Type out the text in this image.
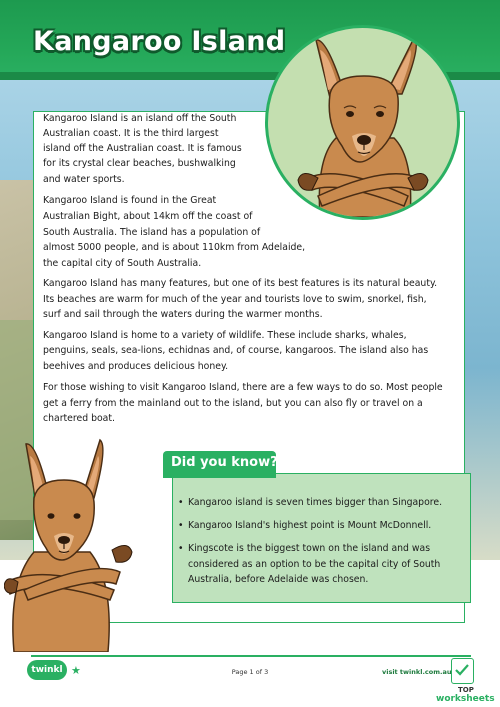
Kangaroo Island

Kangaroo Island is an island off the South

Australian coast. It is the third largest

island off the Australian coast. It is famous

for its crystal clear beaches, bushwalking

and water sports.

Kangaroo Island is found in the Great

Australian Bight, about 14km off the coast of

South Australia. The island has a population of

almost 5000 people, and is about 110km from Adelaide,

the capital city of South Australia.

Kangaroo Island has many features, but one of its best features is its natural beauty.

Its beaches are warm for much of the year and tourists love to swim, snorkel, fish,

surf and sail through the waters during the warmer months.

Kangaroo Island is home to a variety of wildlife. These include sharks, whales,

penguins, seals, sea-lions, echidnas and, of course, kangaroos. The island also has

beehives and produces delicious honey.

For those wishing to visit Kangaroo Island, there are a few ways to do so. Most people

get a ferry from the mainland out to the island, but you can also fly or travel on a

chartered boat.

Did you know?

• Kangaroo island is seven times bigger than Singapore.
• Kangaroo Island's highest point is Mount McDonnell.
• Kingscote is the biggest town on the island and was
considered as an option to be the capital city of South
Australia, before Adelaide was chosen.
twinkl ★	Page 1 of 3	visit twinkl.com.au

TOP

worksheets
